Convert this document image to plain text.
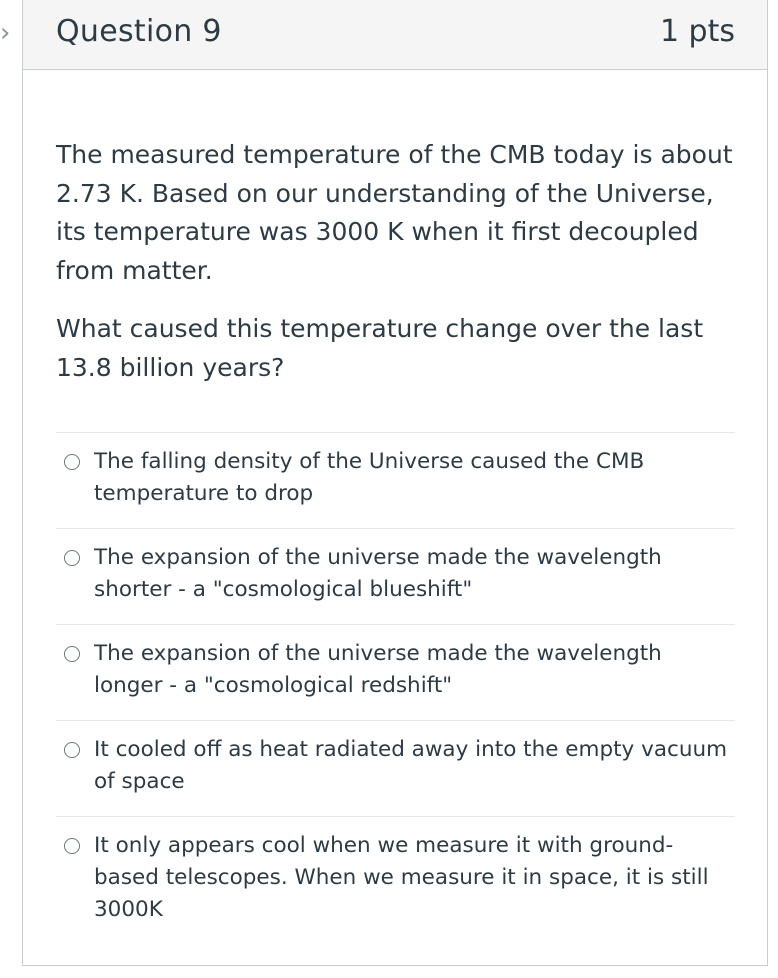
› Question 9	1 pts

The measured temperature of the CMB today is about 2.73 K. Based on our understanding of the Universe, its temperature was 3000 K when it first decoupled from matter.

What caused this temperature change over the last 13.8 billion years?

The falling density of the Universe caused the CMB temperature to drop
The expansion of the universe made the wavelength shorter - a "cosmological blueshift"
The expansion of the universe made the wavelength longer - a "cosmological redshift"
It cooled off as heat radiated away into the empty vacuum of space
It only appears cool when we measure it with ground-based telescopes. When we measure it in space, it is still 3000K
